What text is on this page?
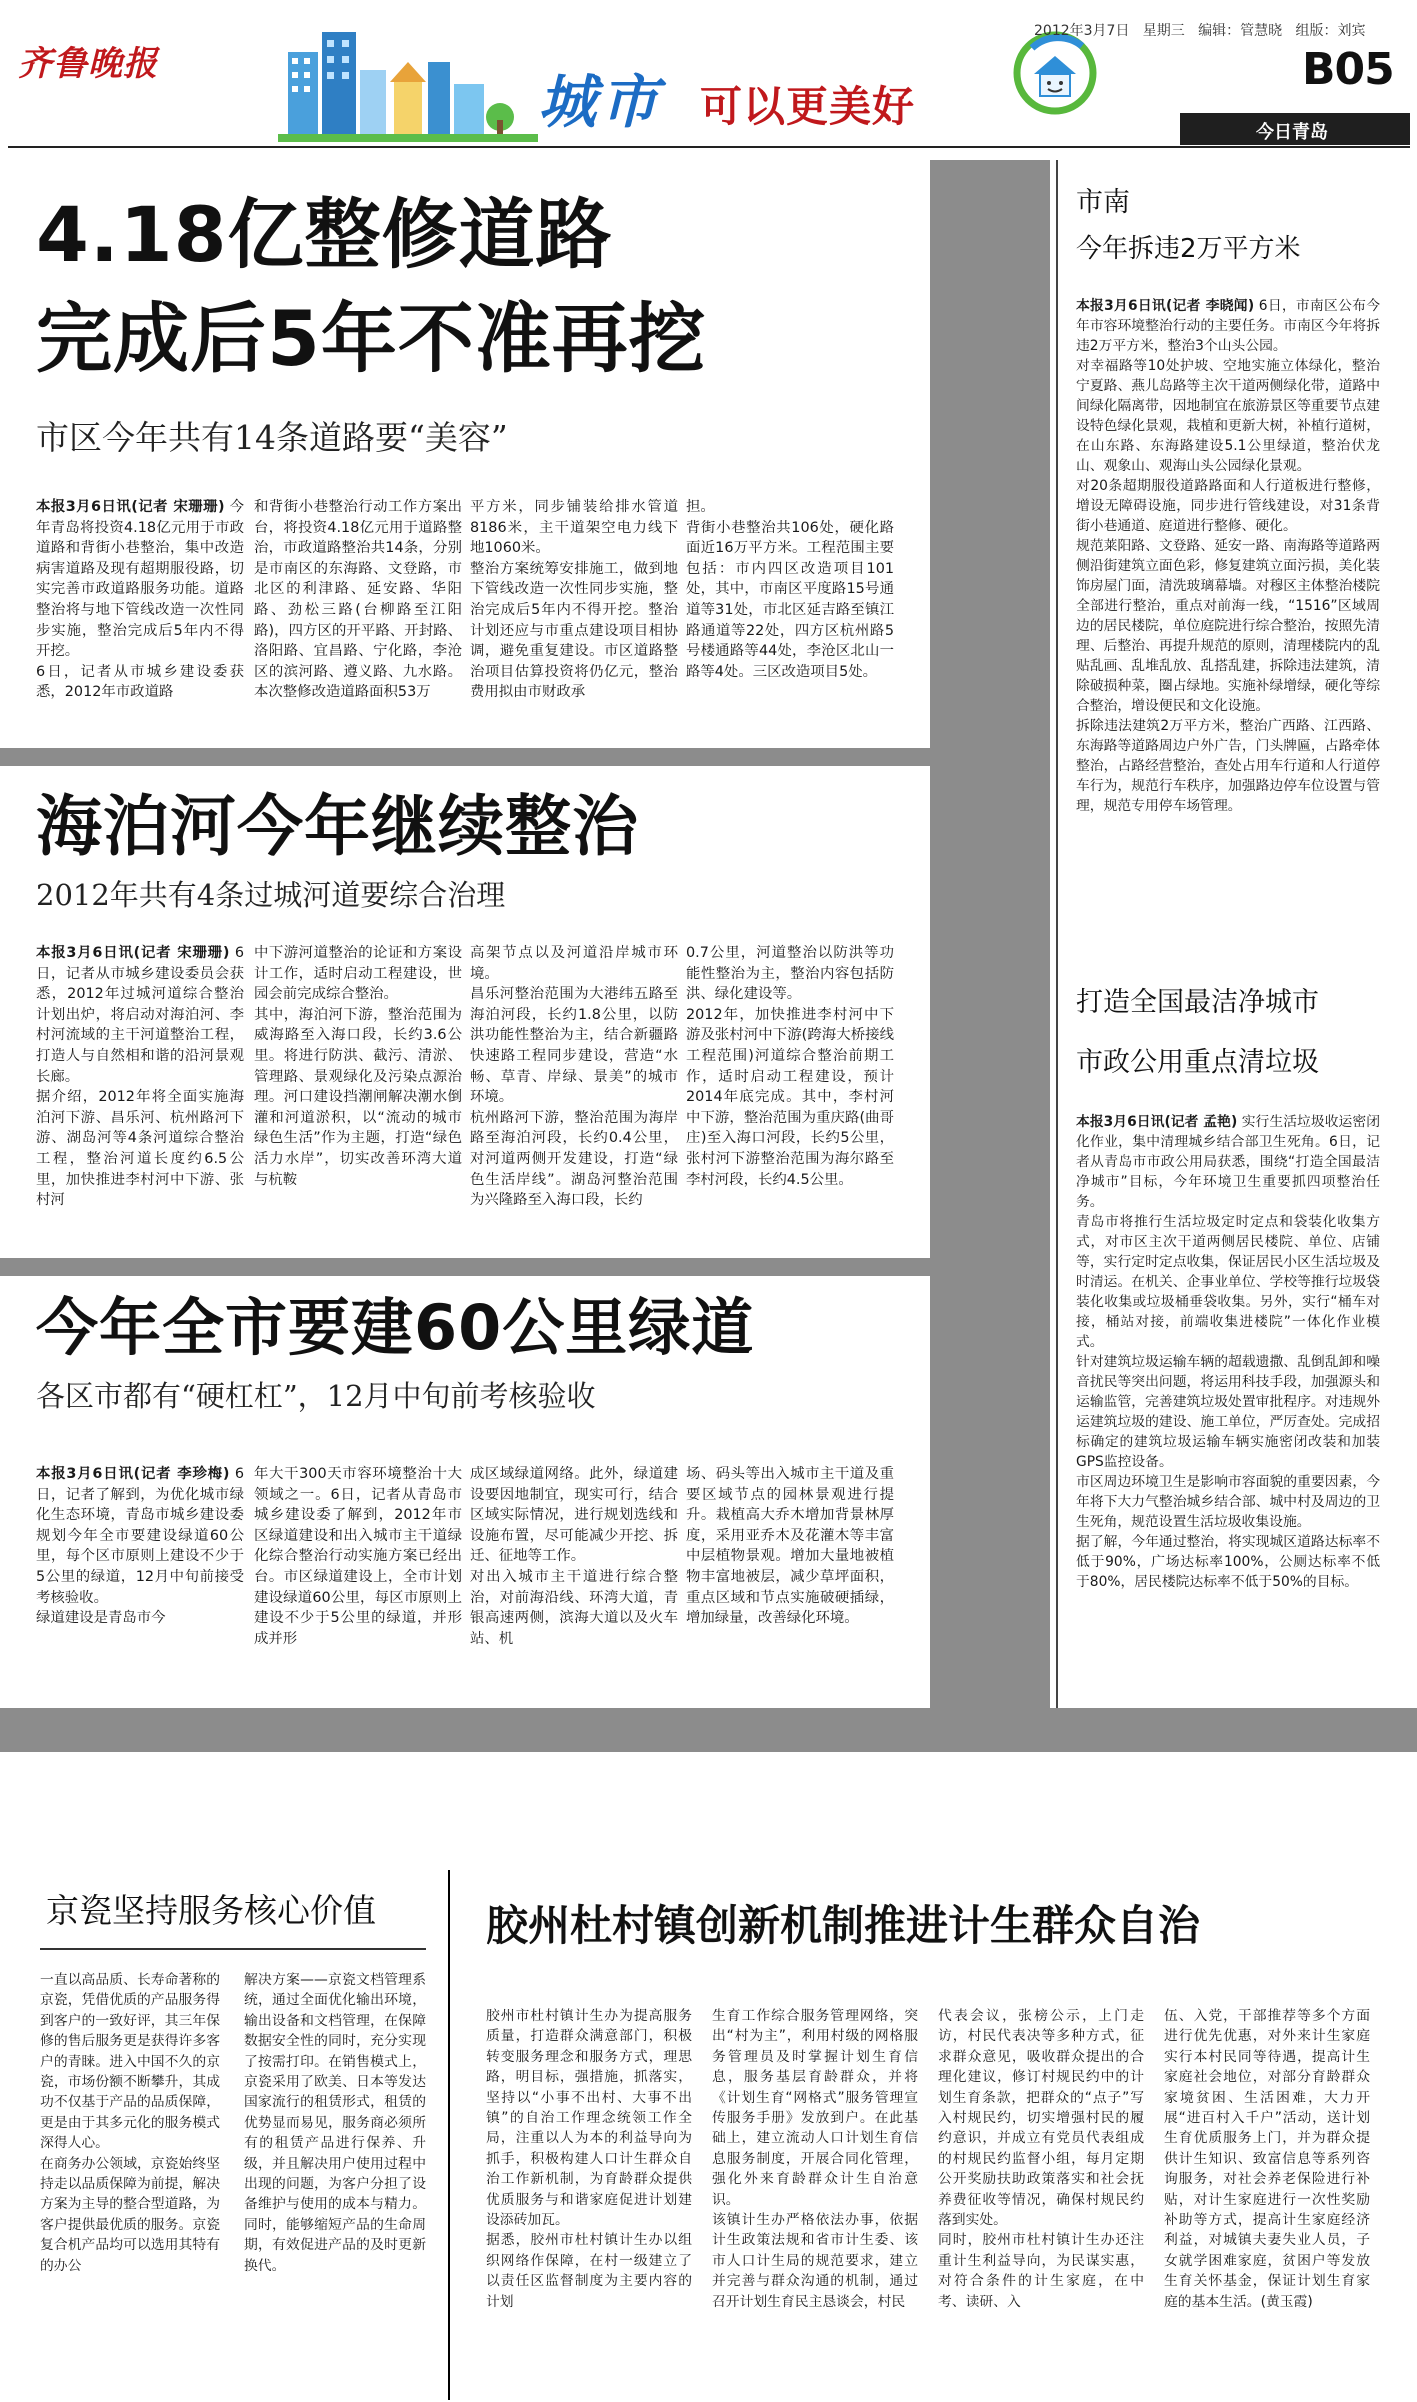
齐鲁晚报
城市 可以更美好
2012年3月7日   星期三   编辑：管慧晓   组版：刘宾
B05
今日青岛
4.18亿整修道路
完成后5年不准再挖
市区今年共有14条道路要“美容”
本报3月6日讯(记者 宋珊珊) 今年青岛将投资4.18亿元用于市政道路和背街小巷整治，集中改造病害道路及现有超期服役路，切实完善市政道路服务功能。道路整治将与地下管线改造一次性同步实施，整治完成后5年内不得开挖。
6日，记者从市城乡建设委获悉，2012年市政道路
和背街小巷整治行动工作方案出台，将投资4.18亿元用于道路整治，市政道路整治共14条，分别是市南区的东海路、文登路，市北区的利津路、延安路、华阳路、劲松三路(台柳路至江阳路)，四方区的开平路、开封路、洛阳路、宜昌路、宁化路，李沧区的滨河路、遵义路、九水路。本次整修改造道路面积53万
平方米，同步铺装给排水管道8186米，主干道架空电力线下地1060米。
整治方案统筹安排施工，做到地下管线改造一次性同步实施，整治完成后5年内不得开挖。整治计划还应与市重点建设项目相协调，避免重复建设。市区道路整治项目估算投资将仍亿元，整治费用拟由市财政承
担。
背街小巷整治共106处，硬化路面近16万平方米。工程范围主要包括：市内四区改造项目101处，其中，市南区平度路15号通道等31处，市北区延吉路至镇江路通道等22处，四方区杭州路5号楼通路等44处，李沧区北山一路等4处。三区改造项目5处。
海泊河今年继续整治
2012年共有4条过城河道要综合治理
本报3月6日讯(记者 宋珊珊) 6日，记者从市城乡建设委员会获悉，2012年过城河道综合整治计划出炉，将启动对海泊河、李村河流域的主干河道整治工程，打造人与自然相和谐的沿河景观长廊。
据介绍，2012年将全面实施海泊河下游、昌乐河、杭州路河下游、湖岛河等4条河道综合整治工程，整治河道长度约6.5公里，加快推进李村河中下游、张村河
中下游河道整治的论证和方案设计工作，适时启动工程建设，世园会前完成综合整治。
其中，海泊河下游，整治范围为威海路至入海口段，长约3.6公里。将进行防洪、截污、清淤、管理路、景观绿化及污染点源治理。河口建设挡潮闸解决潮水倒灌和河道淤积，以“流动的城市绿色生活”作为主题，打造“绿色活力水岸”，切实改善环湾大道与杭鞍
高架节点以及河道沿岸城市环境。
昌乐河整治范围为大港纬五路至海泊河段，长约1.8公里，以防洪功能性整治为主，结合新疆路快速路工程同步建设，营造“水畅、草青、岸绿、景美”的城市环境。
杭州路河下游，整治范围为海岸路至海泊河段，长约0.4公里，对河道两侧开发建设，打造“绿色生活岸线”。湖岛河整治范围为兴隆路至入海口段，长约
0.7公里，河道整治以防洪等功能性整治为主，整治内容包括防洪、绿化建设等。
2012年，加快推进李村河中下游及张村河中下游(跨海大桥接线工程范围)河道综合整治前期工作，适时启动工程建设，预计2014年底完成。其中，李村河中下游，整治范围为重庆路(曲哥庄)至入海口河段，长约5公里，张村河下游整治范围为海尔路至李村河段，长约4.5公里。
今年全市要建60公里绿道
各区市都有“硬杠杠”，12月中旬前考核验收
本报3月6日讯(记者 李珍梅) 6日，记者了解到，为优化城市绿化生态环境，青岛市城乡建设委规划今年全市要建设绿道60公里，每个区市原则上建设不少于5公里的绿道，12月中旬前接受考核验收。
绿道建设是青岛市今
年大干300天市容环境整治十大领域之一。6日，记者从青岛市城乡建设委了解到，2012年市区绿道建设和出入城市主干道绿化综合整治行动实施方案已经出台。市区绿道建设上，全市计划建设绿道60公里，每区市原则上建设不少于5公里的绿道，并形成并形
成区域绿道网络。此外，绿道建设要因地制宜，现实可行，结合区域实际情况，进行规划选线和设施布置，尽可能减少开挖、拆迁、征地等工作。
对出入城市主干道进行综合整治，对前海沿线、环湾大道，青银高速两侧，滨海大道以及火车站、机
场、码头等出入城市主干道及重要区域节点的园林景观进行提升。栽植高大乔木增加背景林厚度，采用亚乔木及花灌木等丰富中层植物景观。增加大量地被植物丰富地被层，减少草坪面积，重点区域和节点实施破硬插绿，增加绿量，改善绿化环境。
市南
今年拆违2万平方米
本报3月6日讯(记者 李晓闻) 6日，市南区公布今年市容环境整治行动的主要任务。市南区今年将拆违2万平方米，整治3个山头公园。
对幸福路等10处护坡、空地实施立体绿化，整治宁夏路、燕儿岛路等主次干道两侧绿化带，道路中间绿化隔离带，因地制宜在旅游景区等重要节点建设特色绿化景观，栽植和更新大树，补植行道树，在山东路、东海路建设5.1公里绿道，整治伏龙山、观象山、观海山头公园绿化景观。
对20条超期服役道路路面和人行道板进行整修，增设无障碍设施，同步进行管线建设，对31条背街小巷通道、庭道进行整修、硬化。
规范莱阳路、文登路、延安一路、南海路等道路两侧沿街建筑立面色彩，修复建筑立面污损，美化装饰房屋门面，清洗玻璃幕墙。对穆区主体整治楼院全部进行整治，重点对前海一线，“1516”区域周边的居民楼院，单位庭院进行综合整治，按照先清理、后整治、再提升规范的原则，清理楼院内的乱贴乱画、乱堆乱放、乱搭乱建，拆除违法建筑，清除破损种菜，圈占绿地。实施补绿增绿，硬化等综合整治，增设便民和文化设施。
拆除违法建筑2万平方米，整治广西路、江西路、东海路等道路周边户外广告，门头牌匾，占路牵体整治，占路经营整治，查处占用车行道和人行道停车行为，规范行车秩序，加强路边停车位设置与管理，规范专用停车场管理。
打造全国最洁净城市
市政公用重点清垃圾
本报3月6日讯(记者 孟艳) 实行生活垃圾收运密闭化作业，集中清理城乡结合部卫生死角。6日，记者从青岛市市政公用局获悉，围绕“打造全国最洁净城市”目标，今年环境卫生重要抓四项整治任务。
青岛市将推行生活垃圾定时定点和袋装化收集方式，对市区主次干道两侧居民楼院、单位、店铺等，实行定时定点收集，保证居民小区生活垃圾及时清运。在机关、企事业单位、学校等推行垃圾袋装化收集或垃圾桶垂袋收集。另外，实行“桶车对接，桶站对接，前端收集进楼院”一体化作业模式。
针对建筑垃圾运输车辆的超载遗撒、乱倒乱卸和噪音扰民等突出问题，将运用科技手段，加强源头和运输监管，完善建筑垃圾处置审批程序。对违规外运建筑垃圾的建设、施工单位，严厉查处。完成招标确定的建筑垃圾运输车辆实施密闭改装和加装GPS监控设备。
市区周边环境卫生是影响市容面貌的重要因素，今年将下大力气整治城乡结合部、城中村及周边的卫生死角，规范设置生活垃圾收集设施。
据了解，今年通过整治，将实现城区道路达标率不低于90%，广场达标率100%，公厕达标率不低于80%，居民楼院达标率不低于50%的目标。
京瓷坚持服务核心价值
一直以高品质、长寿命著称的京瓷，凭借优质的产品服务得到客户的一致好评，其三年保修的售后服务更是获得许多客户的青睐。进入中国不久的京瓷，市场份额不断攀升，其成功不仅基于产品的品质保障，更是由于其多元化的服务模式深得人心。
在商务办公领域，京瓷始终坚持走以品质保障为前提，解决方案为主导的整合型道路，为客户提供最优质的服务。京瓷复合机产品均可以选用其特有的办公
解决方案——京瓷文档管理系统，通过全面优化输出环境，输出设备和文档管理，在保障数据安全性的同时，充分实现了按需打印。在销售模式上，京瓷采用了欧美、日本等发达国家流行的租赁形式，租赁的优势显而易见，服务商必须所有的租赁产品进行保养、升级，并且解决用户使用过程中出现的问题，为客户分担了设备维护与使用的成本与精力。同时，能够缩短产品的生命周期，有效促进产品的及时更新换代。
胶州杜村镇创新机制推进计生群众自治
胶州市杜村镇计生办为提高服务质量，打造群众满意部门，积极转变服务理念和服务方式，理思路，明目标，强措施，抓落实，坚持以“小事不出村、大事不出镇”的自治工作理念统领工作全局，注重以人为本的利益导向为抓手，积极构建人口计生群众自治工作新机制，为育龄群众提供优质服务与和谐家庭促进计划建设添砖加瓦。
据悉，胶州市杜村镇计生办以组织网络作保障，在村一级建立了以责任区监督制度为主要内容的计划
生育工作综合服务管理网络，突出“村为主”，利用村级的网格服务管理员及时掌握计划生育信息，服务基层育龄群众，并将《计划生育“网格式”服务管理宣传服务手册》发放到户。在此基础上，建立流动人口计划生育信息服务制度，开展合同化管理，强化外来育龄群众计生自治意识。
该镇计生办严格依法办事，依据计生政策法规和省市计生委、该市人口计生局的规范要求，建立并完善与群众沟通的机制，通过召开计划生育民主恳谈会，村民
代表会议，张榜公示，上门走访，村民代表决等多种方式，征求群众意见，吸收群众提出的合理化建议，修订村规民约中的计划生育条款，把群众的“点子”写入村规民约，切实增强村民的履约意识，并成立有党员代表组成的村规民约监督小组，每月定期公开奖励扶助政策落实和社会抚养费征收等情况，确保村规民约落到实处。
同时，胶州市杜村镇计生办还注重计生利益导向，为民谋实惠，对符合条件的计生家庭，在中考、读研、入
伍、入党，干部推荐等多个方面进行优先优惠，对外来计生家庭实行本村民同等待遇，提高计生家庭社会地位，对部分育龄群众家境贫困、生活困难，大力开展“进百村入千户”活动，送计划生育优质服务上门，并为群众提供计生知识、致富信息等系列咨询服务，对社会养老保险进行补贴，对计生家庭进行一次性奖励补助等方式，提高计生家庭经济利益，对城镇夫妻失业人员，子女就学困难家庭，贫困户等发放生育关怀基金，保证计划生育家庭的基本生活。(黄玉霞)
